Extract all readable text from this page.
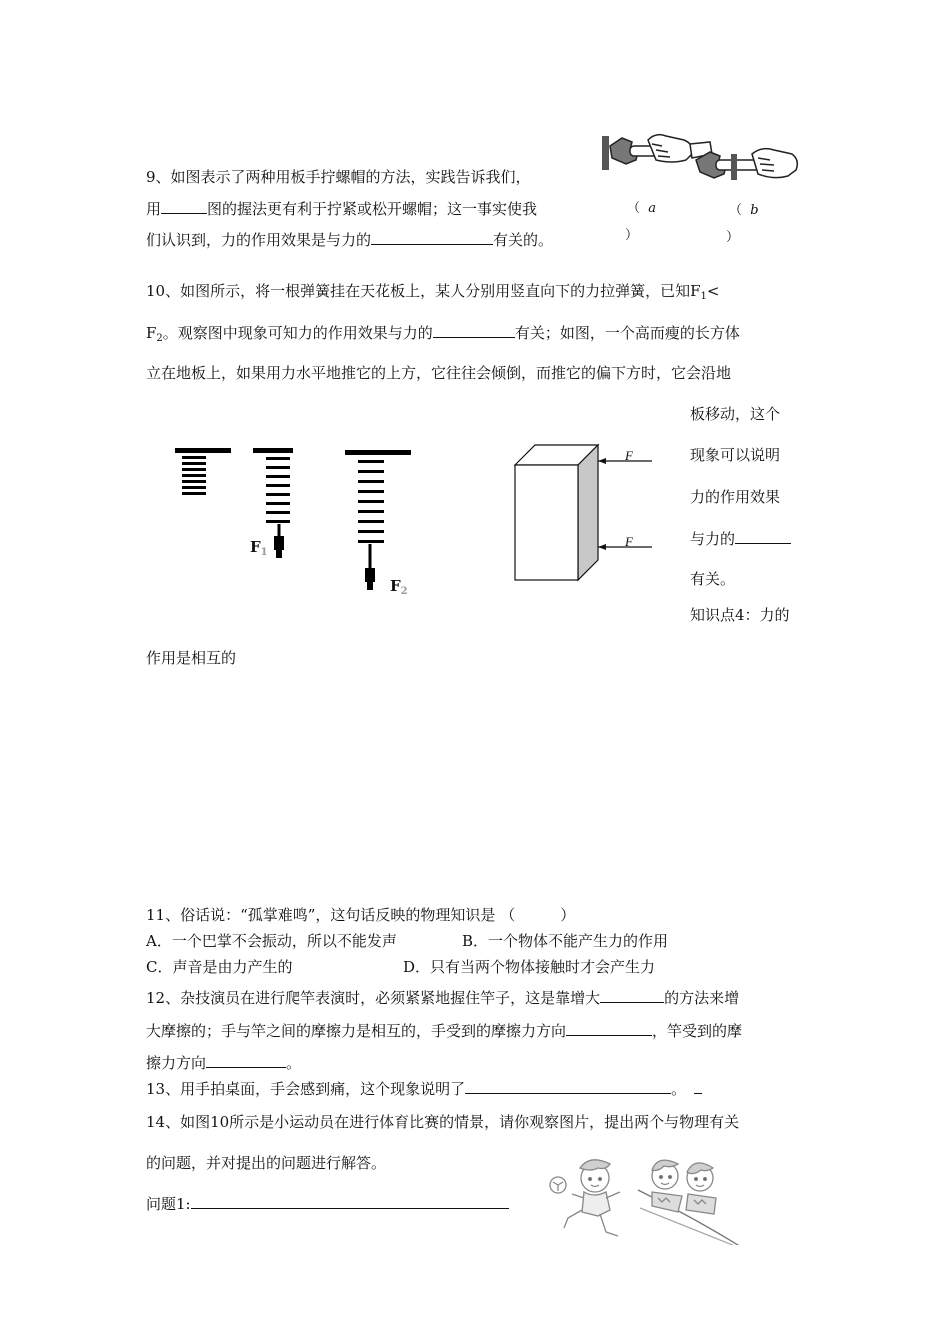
9、如图表示了两种用板手拧螺帽的方法，实践告诉我们，
用	图的握法更有利于拧紧或松开螺帽；这一事实使我
们认识到，力的作用效果是与力的	有关的。
（ a
）
（ b
）
10、如图所示，将一根弹簧挂在天花板上，某人分别用竖直向下的力拉弹簧，已知$F_1<$
$F_2$。观察图中现象可知力的作用效果与力的	有关；如图，一个高而瘦的长方体
立在地板上，如果用力水平地推它的上方，它往往会倾倒，而推它的偏下方时，它会沿地
板移动，这个
现象可以说明
力的作用效果
与力的
有关。
知识点4：力的
作用是相互的
$F_1$
$F_2$
F
F
11、俗话说：“孤掌难鸣”，这句话反映的物理知识是 （　　　）
A．一个巴掌不会振动，所以不能发声	B．一个物体不能产生力的作用
C．声音是由力产生的	D．只有当两个物体接触时才会产生力
12、杂技演员在进行爬竿表演时，必须紧紧地握住竿子，这是靠增大	的方法来增
大摩擦的；手与竿之间的摩擦力是相互的，手受到的摩擦力方向	，竿受到的摩
擦力方向	。
13、用手拍桌面，手会感到痛，这个现象说明了	。
14、如图10所示是小运动员在进行体育比赛的情景，请你观察图片，提出两个与物理有关
的问题，并对提出的问题进行解答。
问题1:
